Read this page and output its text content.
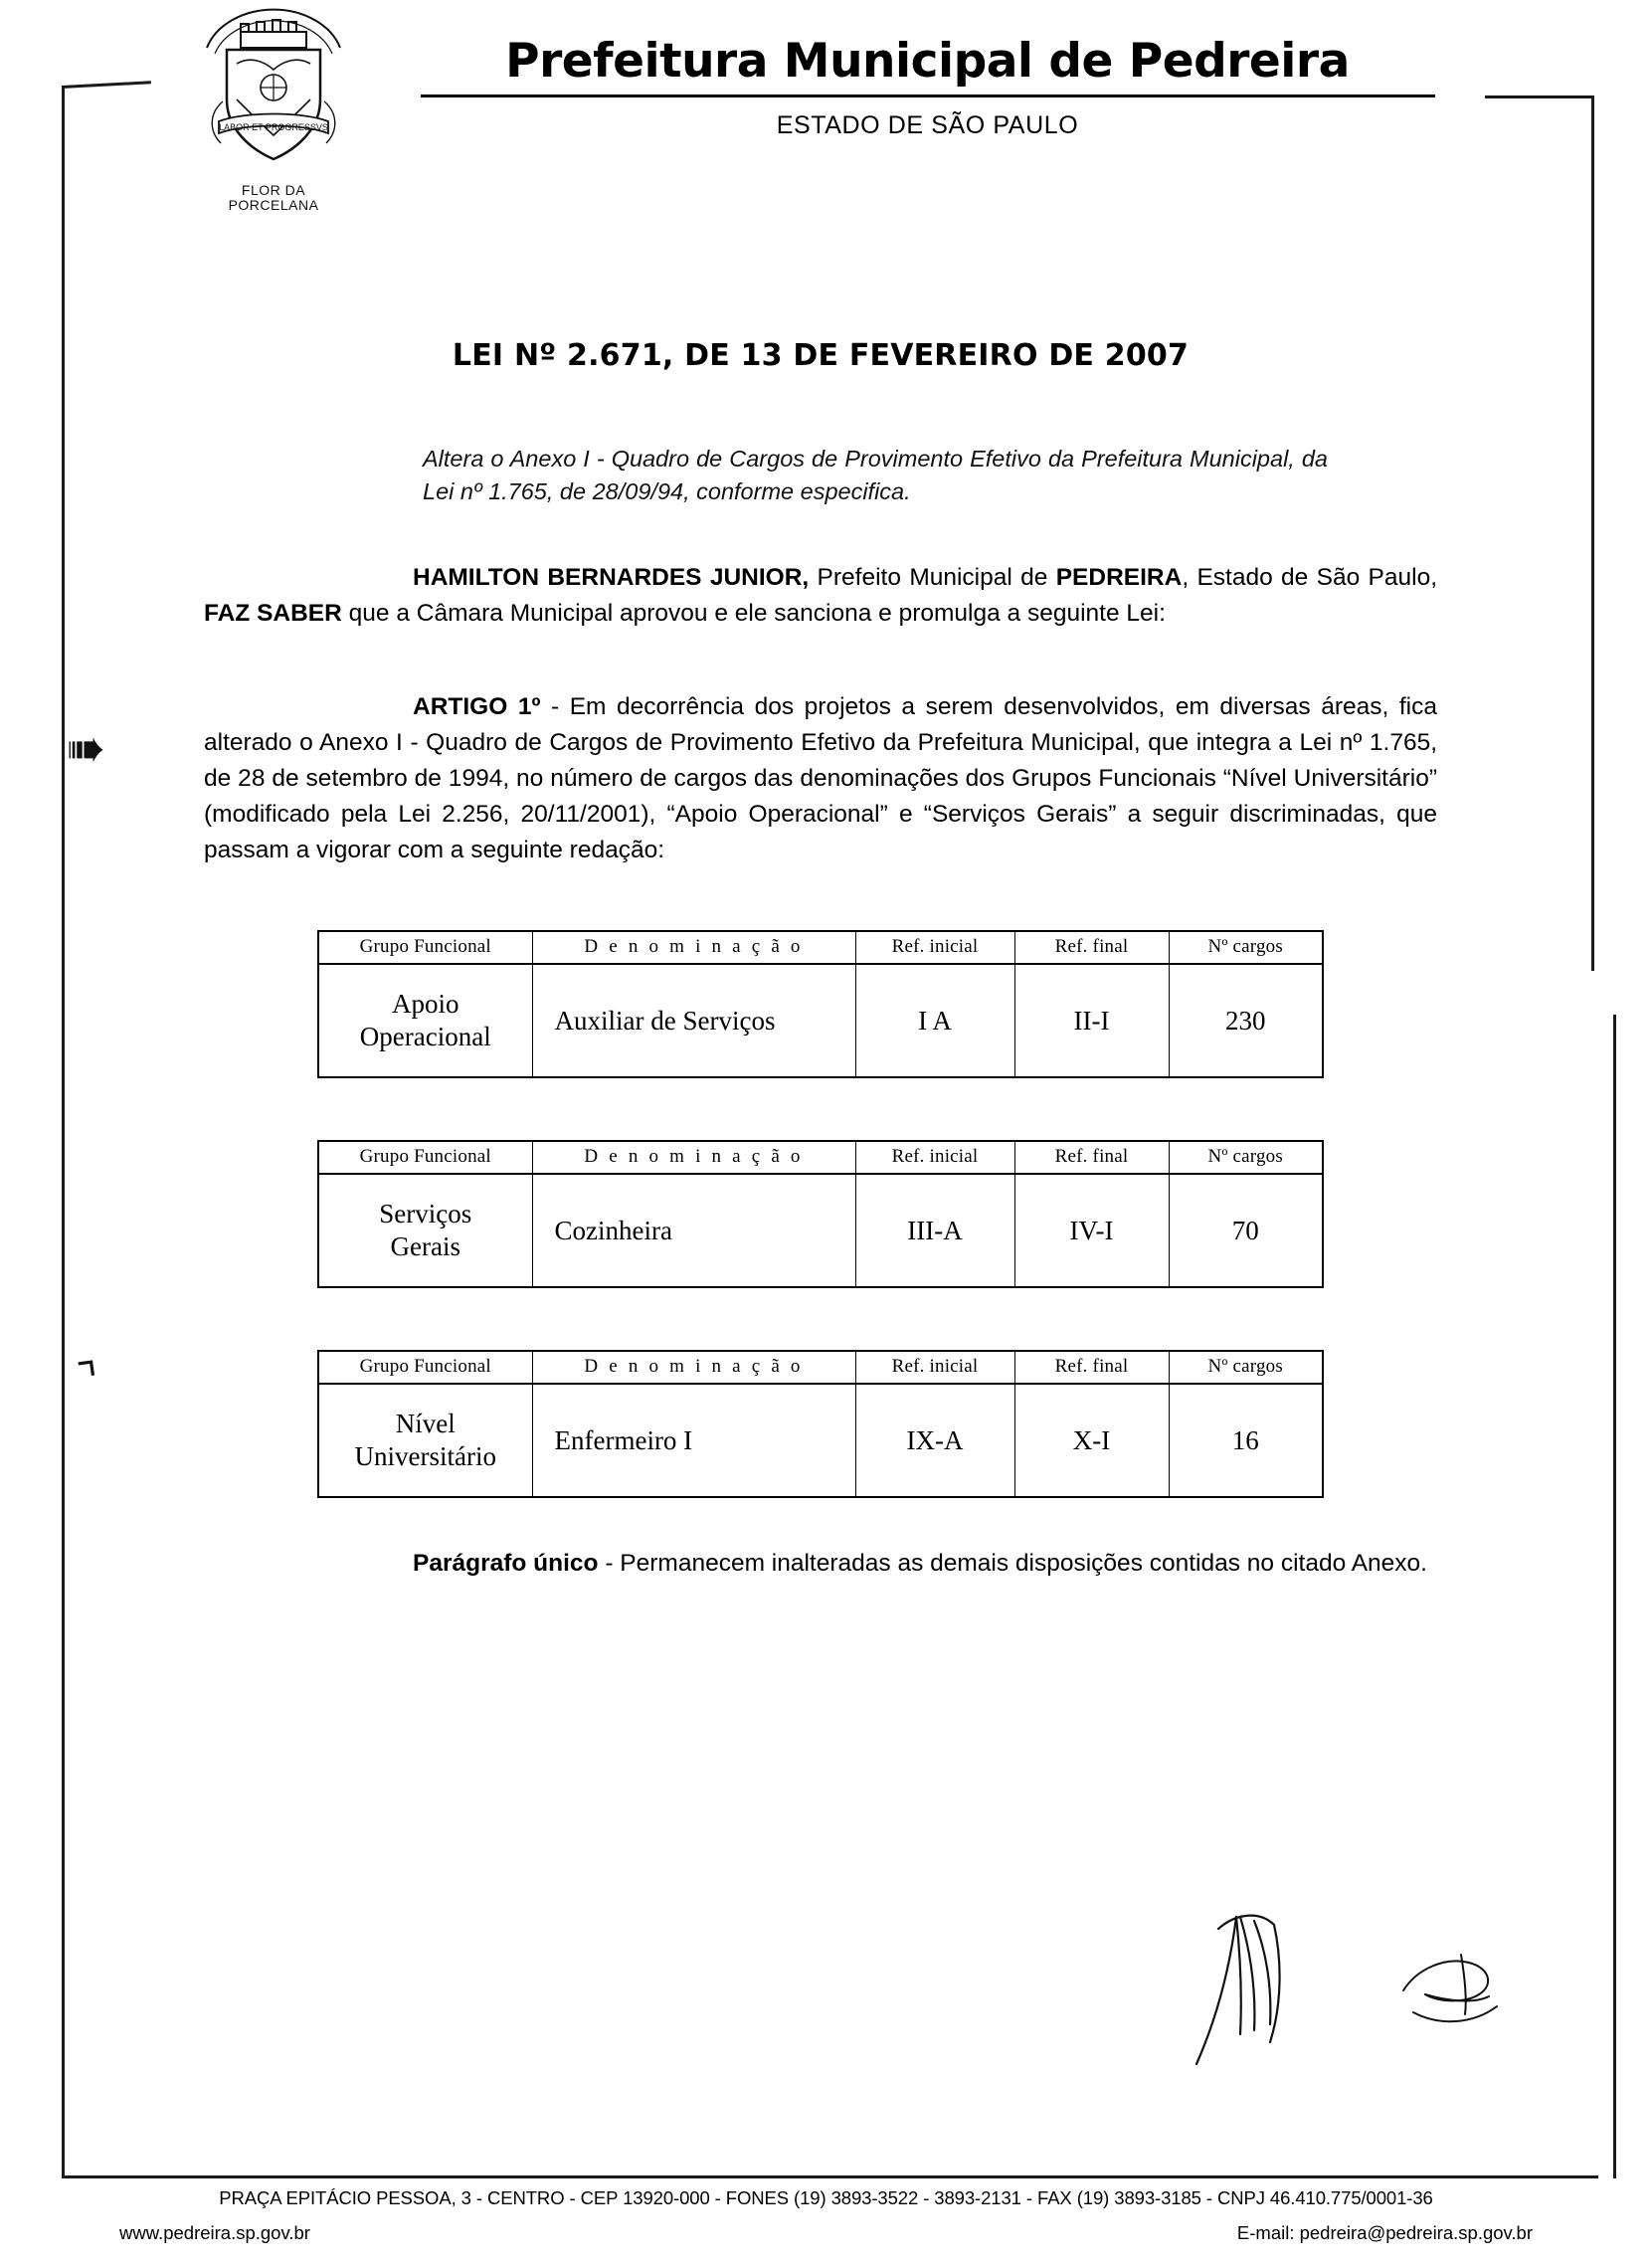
LABOR ET PROGRESSVS
FLOR DA
PORCELANA
Prefeitura Municipal de Pedreira
ESTADO DE SÃO PAULO
➠
⌝
LEI Nº 2.671, DE 13 DE FEVEREIRO DE 2007
Altera o Anexo I - Quadro de Cargos de Provimento Efetivo da Prefeitura Municipal, da Lei nº 1.765, de 28/09/94, conforme especifica.
HAMILTON BERNARDES JUNIOR, Prefeito Municipal de PEDREIRA, Estado de São Paulo, FAZ SABER que a Câmara Municipal aprovou e ele sanciona e promulga a seguinte Lei:
ARTIGO 1º - Em decorrência dos projetos a serem desenvolvidos, em diversas áreas, fica alterado o Anexo I - Quadro de Cargos de Provimento Efetivo da Prefeitura Municipal, que integra a Lei nº 1.765, de 28 de setembro de 1994, no número de cargos das denominações dos Grupos Funcionais “Nível Universitário” (modificado pela Lei 2.256, 20/11/2001), “Apoio Operacional” e “Serviços Gerais” a seguir discriminadas, que passam a vigorar com a seguinte redação:
Grupo Funcional	D e n o m i n a ç ã o	Ref. inicial	Ref. final	Nº cargos

Apoio
Operacional	Auxiliar de Serviços	I A	II-I	230
Grupo Funcional	D e n o m i n a ç ã o	Ref. inicial	Ref. final	Nº cargos

Serviços
Gerais	Cozinheira	III-A	IV-I	70
Grupo Funcional	D e n o m i n a ç ã o	Ref. inicial	Ref. final	Nº cargos

Nível
Universitário	Enfermeiro I	IX-A	X-I	16
Parágrafo único - Permanecem inalteradas as demais disposições contidas no citado Anexo.
PRAÇA EPITÁCIO PESSOA, 3 - CENTRO - CEP 13920-000 - FONES (19) 3893-3522 - 3893-2131 - FAX (19) 3893-3185 - CNPJ 46.410.775/0001-36
www.pedreira.sp.gov.br	E-mail: pedreira@pedreira.sp.gov.br
